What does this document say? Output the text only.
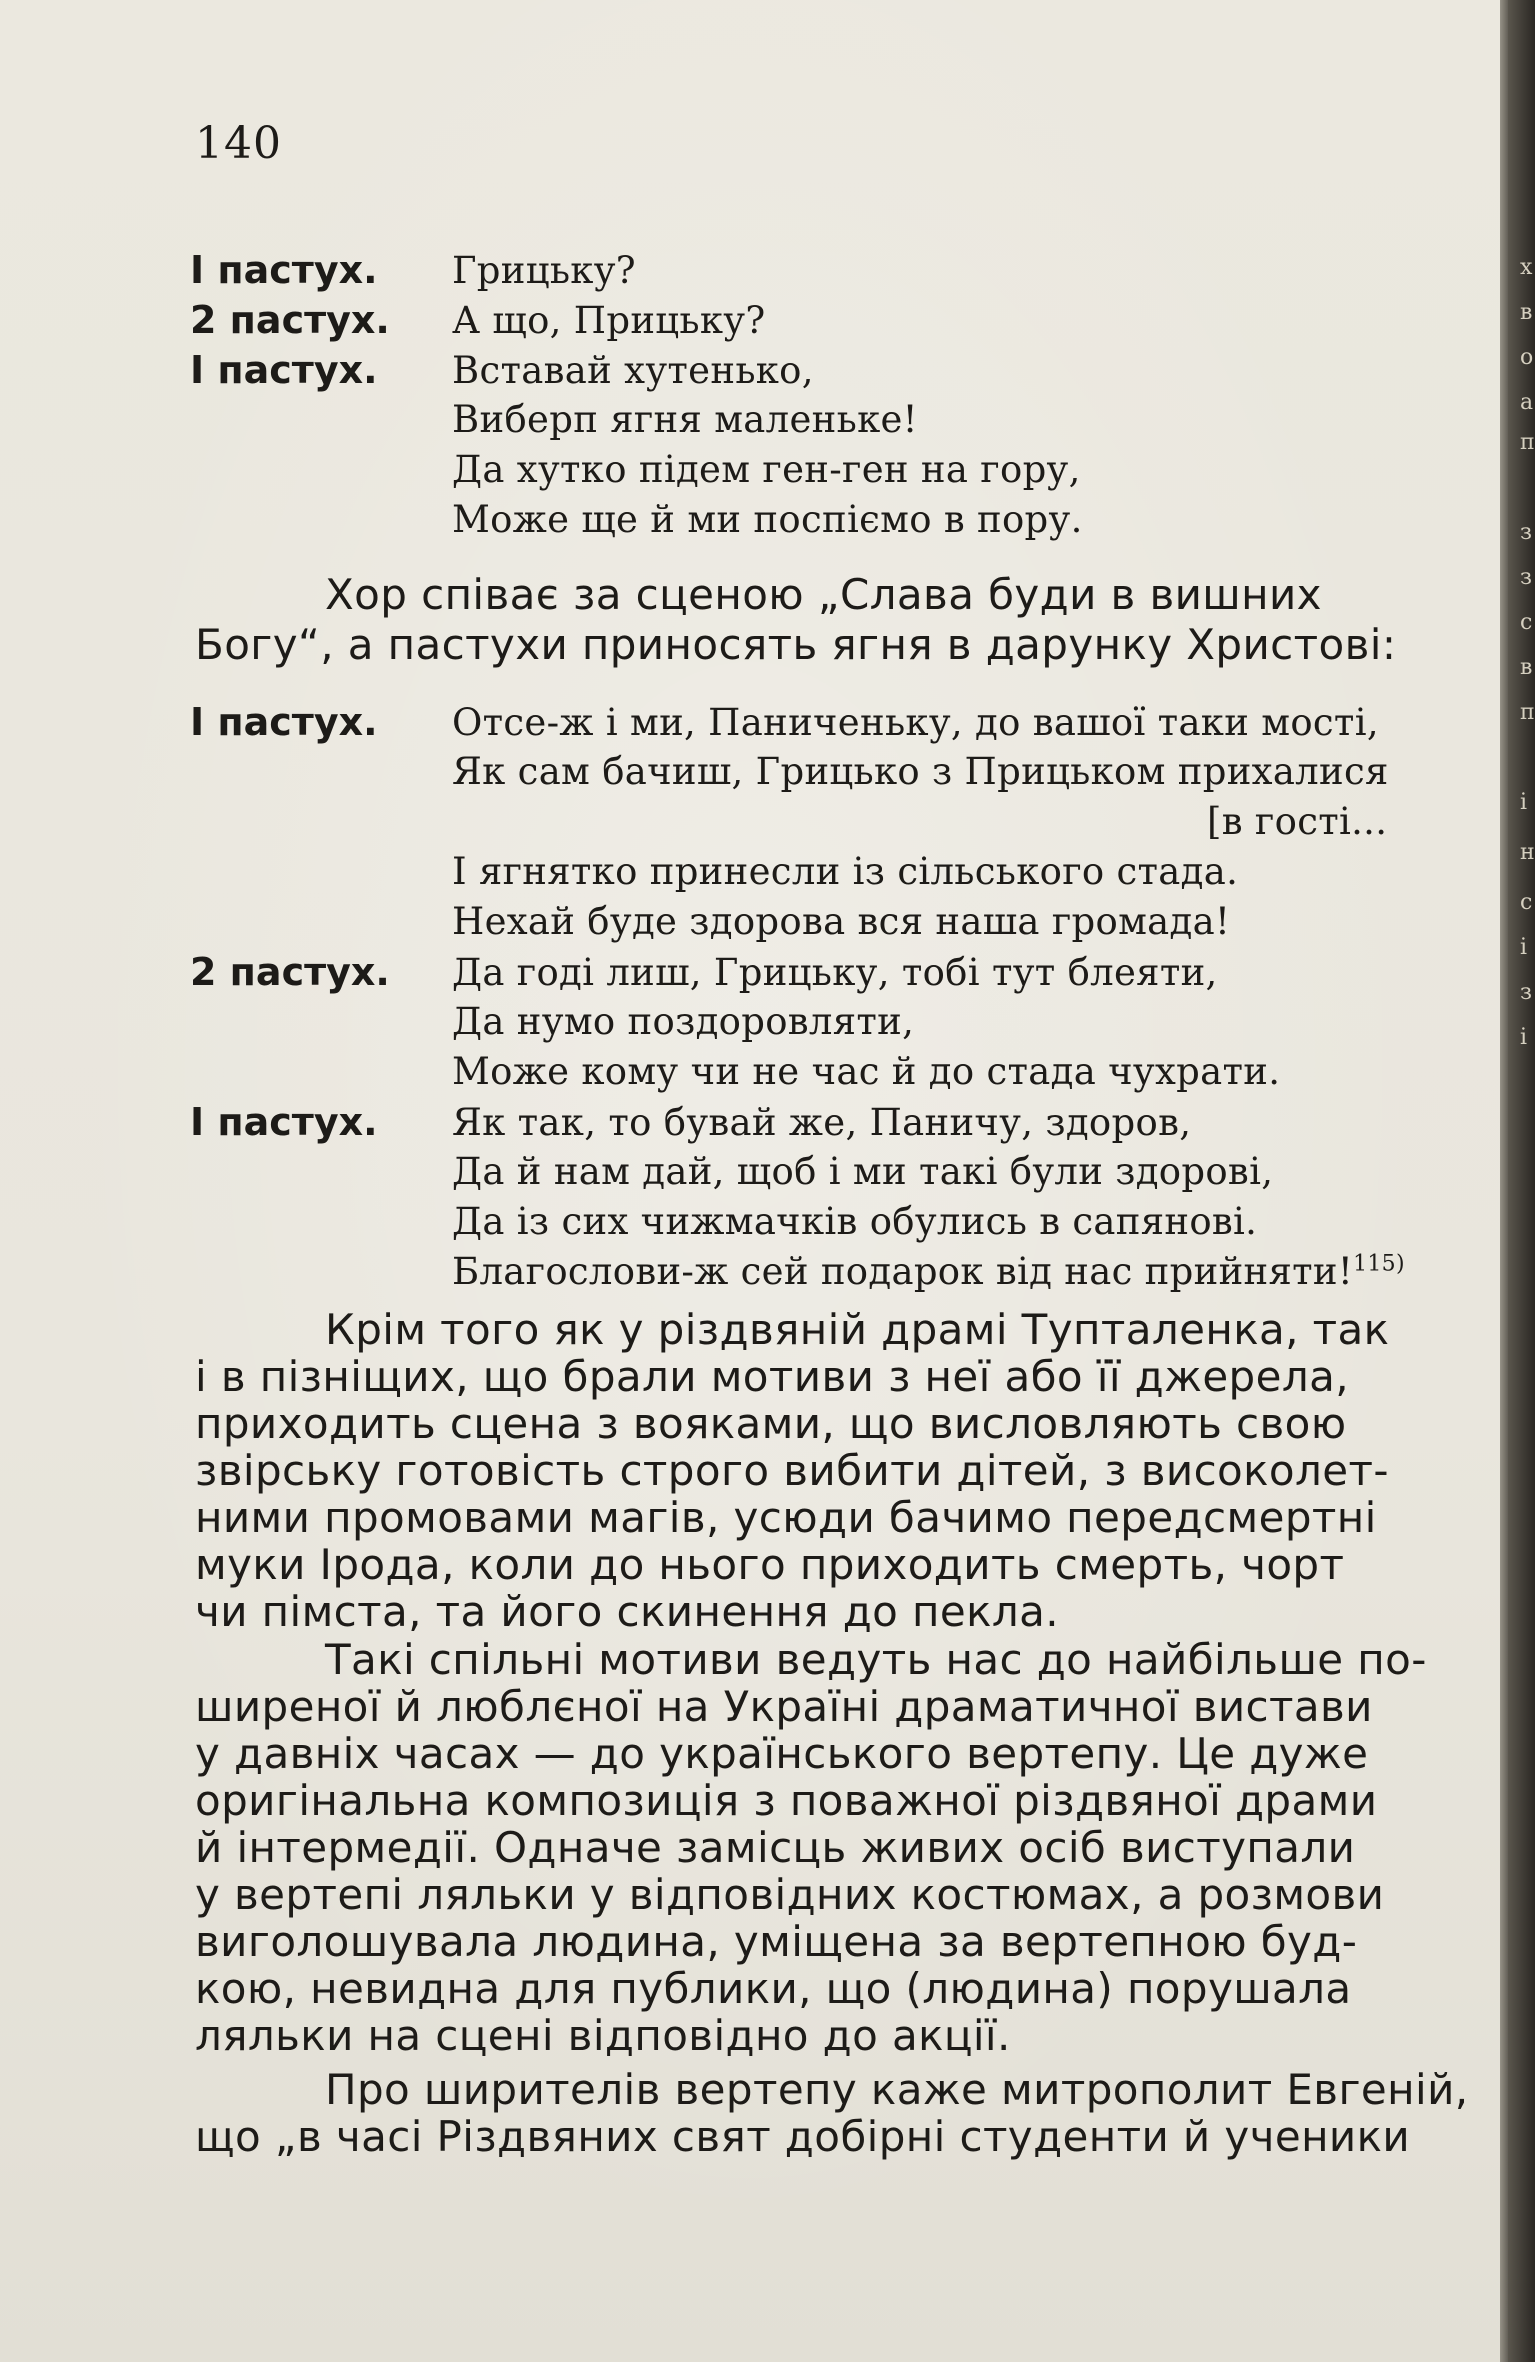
140
I пастух.	Грицьку?
2 пастух.	А що, Прицьку?
I пастух.	Вставай хутенько,
Виберп ягня маленьке!
Да хутко підем ген-ген на гору,
Може ще й ми поспіємо в пору.
Хор співає за сценою „Слава буди в вишних
Богу“, а пастухи приносять ягня в дарунку Христові:
I пастух.	Отсе-ж і ми, Паниченьку, до вашої таки мості,
Як сам бачиш, Грицько з Прицьком прихалися
[в гості...
І ягнятко принесли із сільського стада.
Нехай буде здорова вся наша громада!
2 пастух.	Да годі лиш, Грицьку, тобі тут блеяти,
Да нумо поздоровляти,
Може кому чи не час й до стада чухрати.
I пастух.	Як так, то бувай же, Паничу, здоров,
Да й нам дай, щоб і ми такі були здорові,
Да із сих чижмачків обулись в сапянові.
Благослови-ж сей подарок від нас прийняти!$^{115)}$
Крім того як у різдвяній драмі Тупталенка, так
і в пізніщих, що брали мотиви з неї або її джерела,
приходить сцена з вояками, що висловляють свою
звірську готовість строго вибити дітей, з високолет-
ними промовами магів, усюди бачимо передсмертні
муки Ірода, коли до нього приходить смерть, чорт
чи пімста, та його скинення до пекла.
Такі спільні мотиви ведуть нас до найбільше по-
ширеної й люблєної на Україні драматичної вистави
у давніх часах — до українського вертепу. Це дуже
оригінальна композиція з поважної різдвяної драми
й інтермедії. Одначе замісць живих осіб виступали
у вертепі ляльки у відповідних костюмах, а розмови
виголошувала людина, уміщена за вертепною буд-
кою, невидна для публики, що (людина) порушала
ляльки на сцені відповідно до акції.
Про ширителів вертепу каже митрополит Евгеній,
що „в часі Різдвяних свят добірні студенти й ученики
х
в
о
а
п
з
з
с
в
п
і
н
с
і
з
і
